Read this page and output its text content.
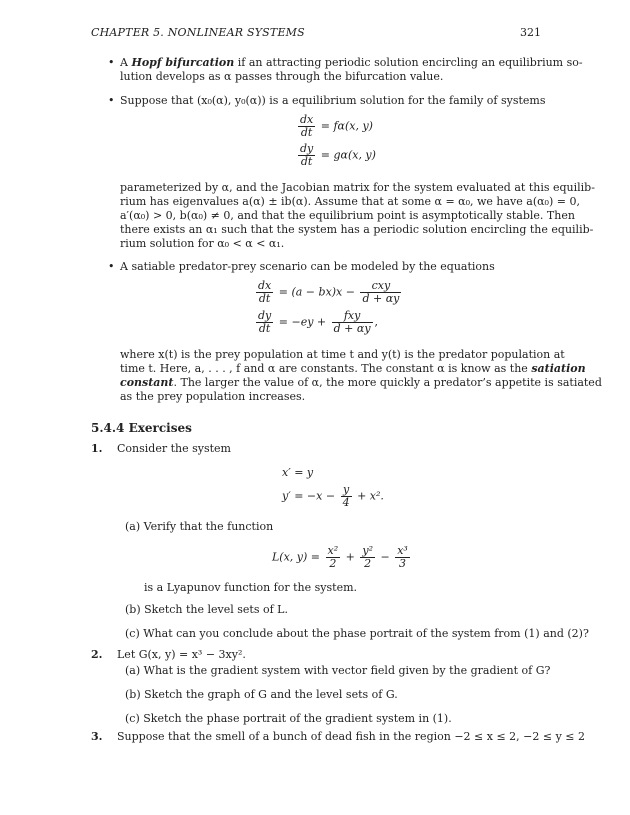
CHAPTER 5. NONLINEAR SYSTEMS	321
• A Hopf bifurcation if an attracting periodic solution encircling an equilibrium so-
lution develops as α passes through the bifurcation value.
• Suppose that (x₀(α), y₀(α)) is a equilibrium solution for the family of systems
$\frac{dx}{dt} = f\alpha(x$, y)
$\frac{dy}{dt} = g\alpha(x$, y)
parameterized by α, and the Jacobian matrix for the system evaluated at this equilib-
rium has eigenvalues a(α) ± ib(α). Assume that at some α = α₀, we have a(α₀) = 0,
a′(α₀) > 0, b(α₀) ≠ 0, and that the equilibrium point is asymptotically stable. Then
there exists an α₁ such that the system has a periodic solution encircling the equilib-
rium solution for α₀ < α < α₁.
• A satiable predator-prey scenario can be modeled by the equations
$\frac{dx}{dt} = (a - bx)x - \frac{\text{cxy}}{d + \alpha y}$
$\frac{dy}{dt} = -ey + \frac{\text{fxy}}{d + \alpha y}$ ,
where x(t) is the prey population at time t and y(t) is the predator population at
time t. Here, a, . . . , f and α are constants. The constant α is know as the satiation
constant. The larger the value of α, the more quickly a predator’s appetite is satiated
as the prey population increases.
5.4.4 Exercises
1. Consider the system
x′ = y
$y' = -x - \frac{y}{4} + x^2$.
(a) Verify that the function
L(x, $y) = \frac{\text{x²}}{2} + \frac{\text{y²}}{2} - \frac{\text{x³}}{3}$
is a Lyapunov function for the system.
(b) Sketch the level sets of L.
(c) What can you conclude about the phase portrait of the system from (1) and (2)?
2. Let G(x, y) = x³ − 3xy².
(a) What is the gradient system with vector field given by the gradient of G?
(b) Sketch the graph of G and the level sets of G.
(c) Sketch the phase portrait of the gradient system in (1).
3. Suppose that the smell of a bunch of dead fish in the region −2 ≤ x ≤ 2, −2 ≤ y ≤ 2
